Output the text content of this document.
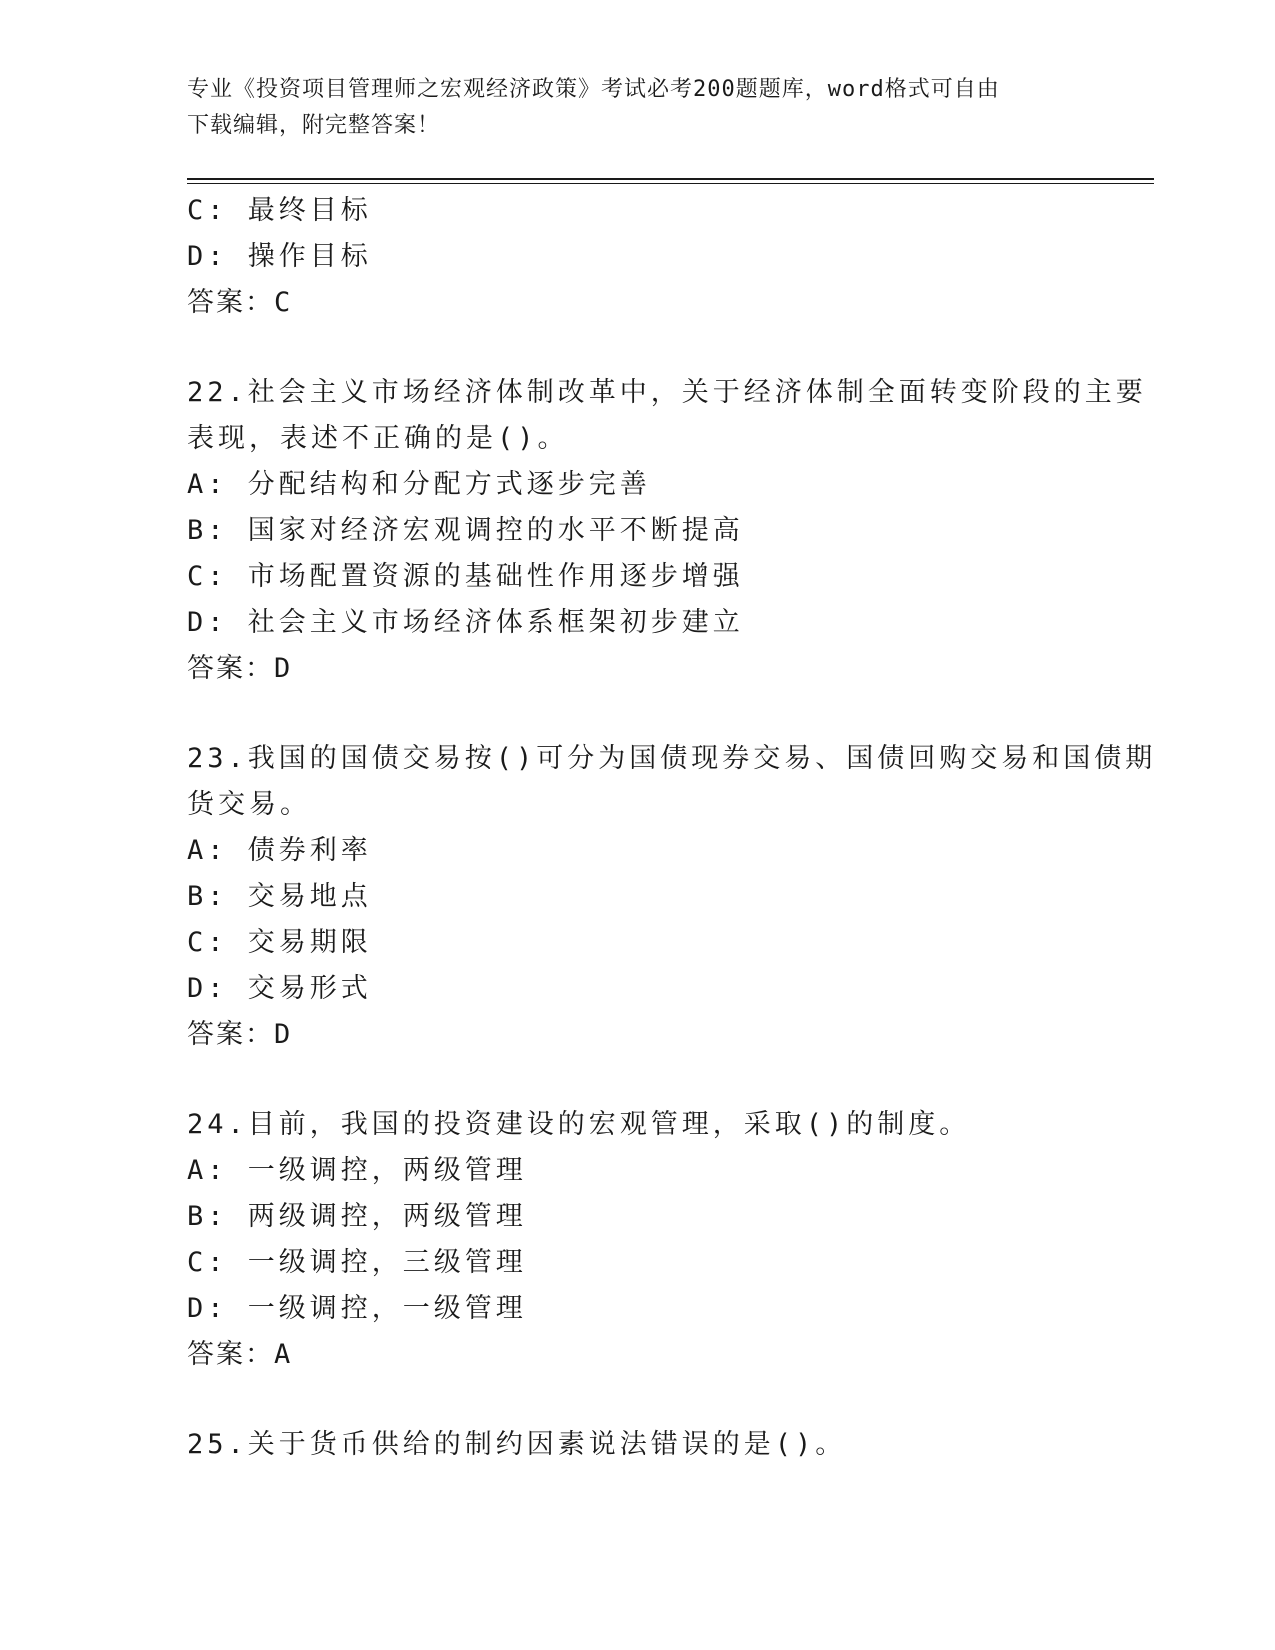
专业《投资项目管理师之宏观经济政策》考试必考200题题库，word格式可自由
下载编辑，附完整答案！
C: 最终目标
D: 操作目标
答案：C
22.社会主义市场经济体制改革中，关于经济体制全面转变阶段的主要
表现，表述不正确的是()。
A: 分配结构和分配方式逐步完善
B: 国家对经济宏观调控的水平不断提高
C: 市场配置资源的基础性作用逐步增强
D: 社会主义市场经济体系框架初步建立
答案：D
23.我国的国债交易按()可分为国债现券交易、国债回购交易和国债期
货交易。
A: 债券利率
B: 交易地点
C: 交易期限
D: 交易形式
答案：D
24.目前，我国的投资建设的宏观管理，采取()的制度。
A: 一级调控，两级管理
B: 两级调控，两级管理
C: 一级调控，三级管理
D: 一级调控，一级管理
答案：A
25.关于货币供给的制约因素说法错误的是()。
